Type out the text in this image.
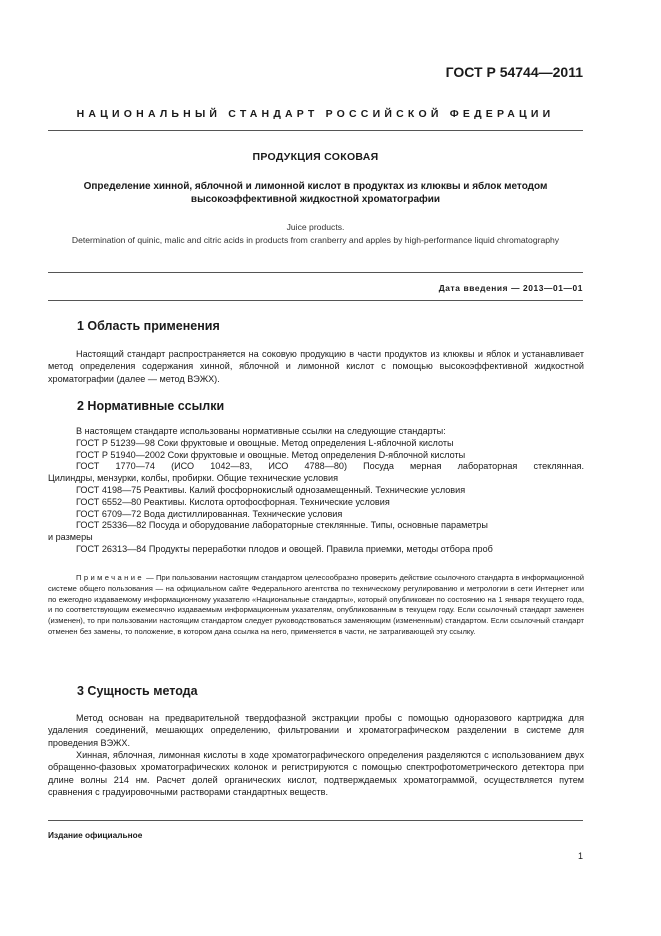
ГОСТ Р 54744—2011
НАЦИОНАЛЬНЫЙ СТАНДАРТ РОССИЙСКОЙ ФЕДЕРАЦИИ
ПРОДУКЦИЯ СОКОВАЯ
Определение хинной, яблочной и лимонной кислот в продуктах из клюквы и яблок методом высокоэффективной жидкостной хроматографии
Juice products.
Determination of quinic, malic and citric acids in products from cranberry and apples by high-performance liquid chromatography
Дата введения — 2013—01—01
1 Область применения
Настоящий стандарт распространяется на соковую продукцию в части продуктов из клюквы и яблок и устанавливает метод определения содержания хинной, яблочной и лимонной кислот с помощью высокоэффективной жидкостной хроматографии (далее — метод ВЭЖХ).
2 Нормативные ссылки
В настоящем стандарте использованы нормативные ссылки на следующие стандарты:
ГОСТ Р 51239—98 Соки фруктовые и овощные. Метод определения L-яблочной кислоты
ГОСТ Р 51940—2002 Соки фруктовые и овощные. Метод определения D-яблочной кислоты
ГОСТ 1770—74 (ИСО 1042—83, ИСО 4788—80) Посуда мерная лабораторная стеклянная.
Цилиндры, мензурки, колбы, пробирки. Общие технические условия
ГОСТ 4198—75 Реактивы. Калий фосфорнокислый однозамещенный. Технические условия
ГОСТ 6552—80 Реактивы. Кислота ортофосфорная. Технические условия
ГОСТ 6709—72 Вода дистиллированная. Технические условия
ГОСТ 25336—82 Посуда и оборудование лабораторные стеклянные. Типы, основные параметры
и размеры
ГОСТ 26313—84 Продукты переработки плодов и овощей. Правила приемки, методы отбора проб
Примечание — При пользовании настоящим стандартом целесообразно проверить действие ссылочного стандарта в информационной системе общего пользования — на официальном сайте Федерального агентства по техническому регулированию и метрологии в сети Интернет или по ежегодно издаваемому информационному указателю «Национальные стандарты», который опубликован по состоянию на 1 января текущего года, и по соответствующим ежемесячно издаваемым информационным указателям, опубликованным в текущем году. Если ссылочный стандарт заменен (изменен), то при пользовании настоящим стандартом следует руководствоваться заменяющим (измененным) стандартом. Если ссылочный стандарт отменен без замены, то положение, в котором дана ссылка на него, применяется в части, не затрагивающей эту ссылку.
3 Сущность метода
Метод основан на предварительной твердофазной экстракции пробы с помощью одноразового картриджа для удаления соединений, мешающих определению, фильтровании и хроматографическом разделении в системе для проведения ВЭЖХ.
Хинная, яблочная, лимонная кислоты в ходе хроматографического определения разделяются с использованием двух обращенно-фазовых хроматографических колонок и регистрируются с помощью спектрофотометрического детектора при длине волны 214 нм. Расчет долей органических кислот, подтверждаемых хроматограммой, осуществляется путем сравнения с градуировочными растворами стандартных веществ.
Издание официальное
1
